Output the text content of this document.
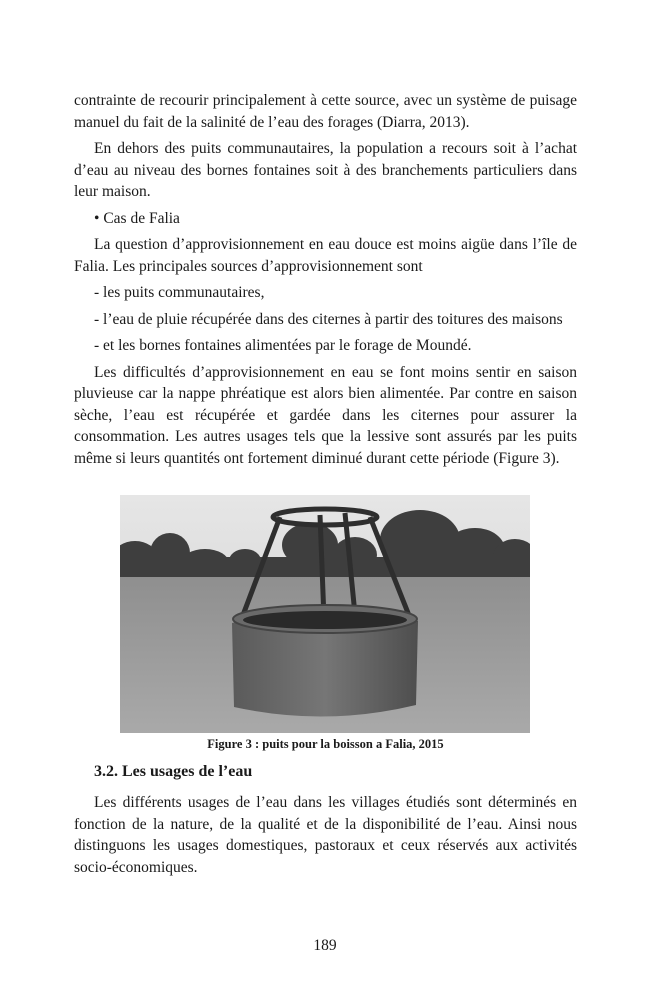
contrainte de recourir principalement à cette source, avec un système de puisage manuel du fait de la salinité de l’eau des forages (Diarra, 2013).

En dehors des puits communautaires, la population a recours soit à l’achat d’eau au niveau des bornes fontaines soit à des branchements particuliers dans leur maison.

• Cas de Falia

La question d’approvisionnement en eau douce est moins aigüe dans l’île de Falia. Les principales sources d’approvisionnement sont

- les puits communautaires,

- l’eau de pluie récupérée dans des citernes à partir des toitures des maisons

- et les bornes fontaines alimentées par le forage de Moundé.

Les difficultés d’approvisionnement en eau se font moins sentir en saison pluvieuse car la nappe phréatique est alors bien alimentée. Par contre en saison sèche, l’eau est récupérée et gardée dans les citernes pour assurer la consommation. Les autres usages tels que la lessive sont assurés par les puits même si leurs quantités ont fortement diminué durant cette période (Figure 3).

Figure 3 : puits pour la boisson a Falia, 2015
3.2. Les usages de l’eau

Les différents usages de l’eau dans les villages étudiés sont déterminés en fonction de la nature, de la qualité et de la disponibilité de l’eau. Ainsi nous distinguons les usages domestiques, pastoraux et ceux réservés aux activités socio-économiques.

189
